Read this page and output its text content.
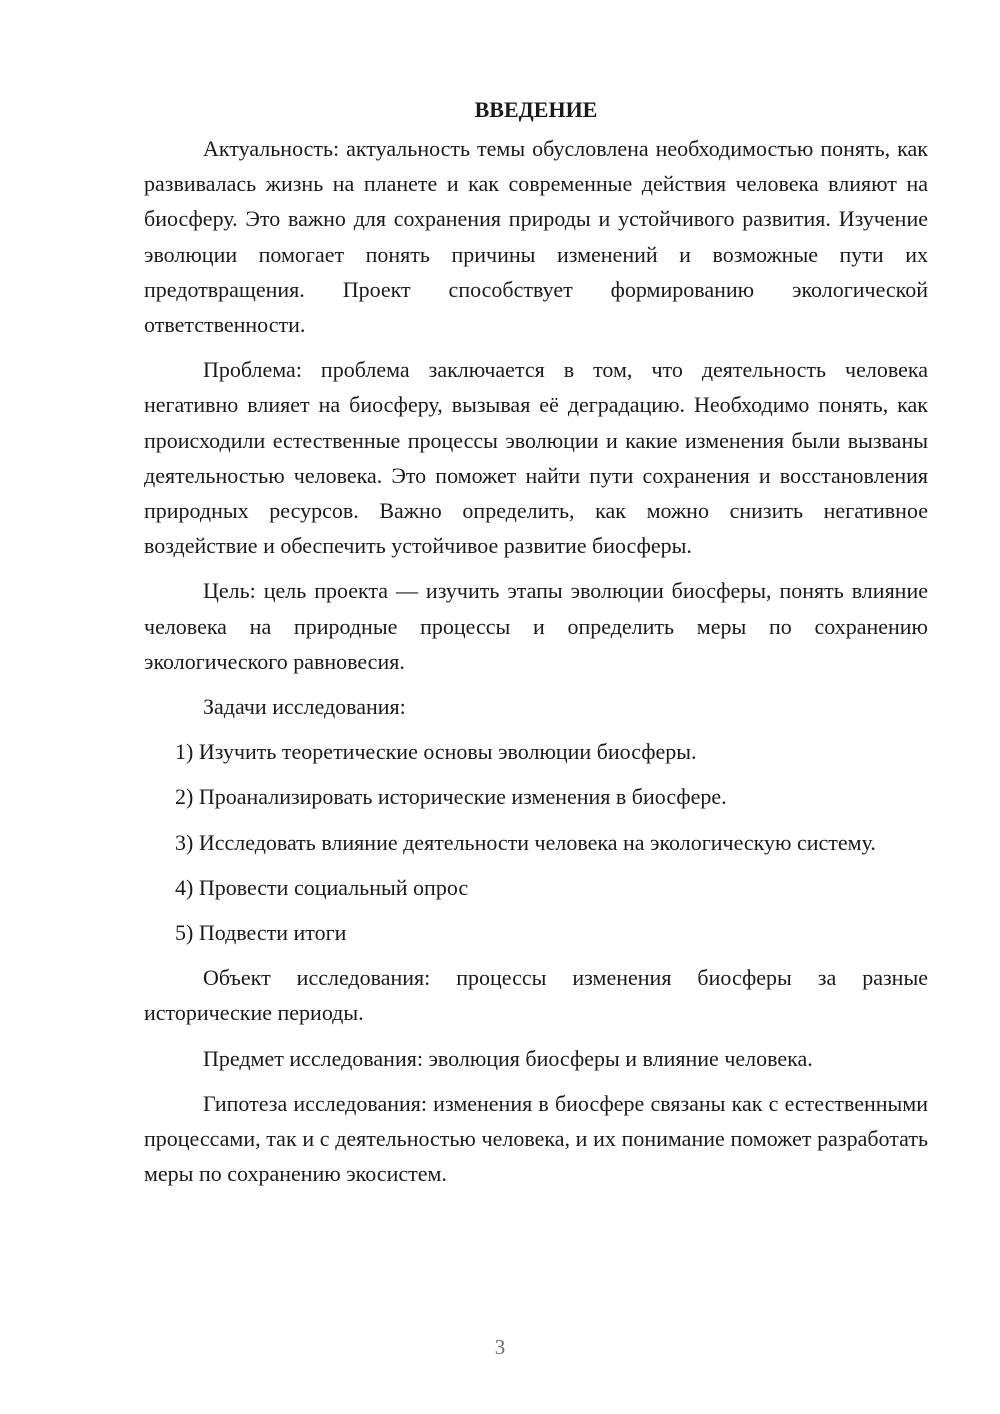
ВВЕДЕНИЕ

Актуальность: актуальность темы обусловлена необходимостью понять, как развивалась жизнь на планете и как современные действия человека влияют на биосферу. Это важно для сохранения природы и устойчивого развития. Изучение эволюции помогает понять причины изменений и возможные пути их предотвращения. Проект способствует формированию экологической ответственности.

Проблема: проблема заключается в том, что деятельность человека негативно влияет на биосферу, вызывая её деградацию. Необходимо понять, как происходили естественные процессы эволюции и какие изменения были вызваны деятельностью человека. Это поможет найти пути сохранения и восстановления природных ресурсов. Важно определить, как можно снизить негативное воздействие и обеспечить устойчивое развитие биосферы.

Цель: цель проекта — изучить этапы эволюции биосферы, понять влияние человека на природные процессы и определить меры по сохранению экологического равновесия.

Задачи исследования:

1) Изучить теоретические основы эволюции биосферы.

2) Проанализировать исторические изменения в биосфере.

3) Исследовать влияние деятельности человека на экологическую систему.

4) Провести социальный опрос

5) Подвести итоги

Объект исследования: процессы изменения биосферы за разные исторические периоды.

Предмет исследования: эволюция биосферы и влияние человека.

Гипотеза исследования: изменения в биосфере связаны как с естественными процессами, так и с деятельностью человека, и их понимание поможет разработать меры по сохранению экосистем.

3
